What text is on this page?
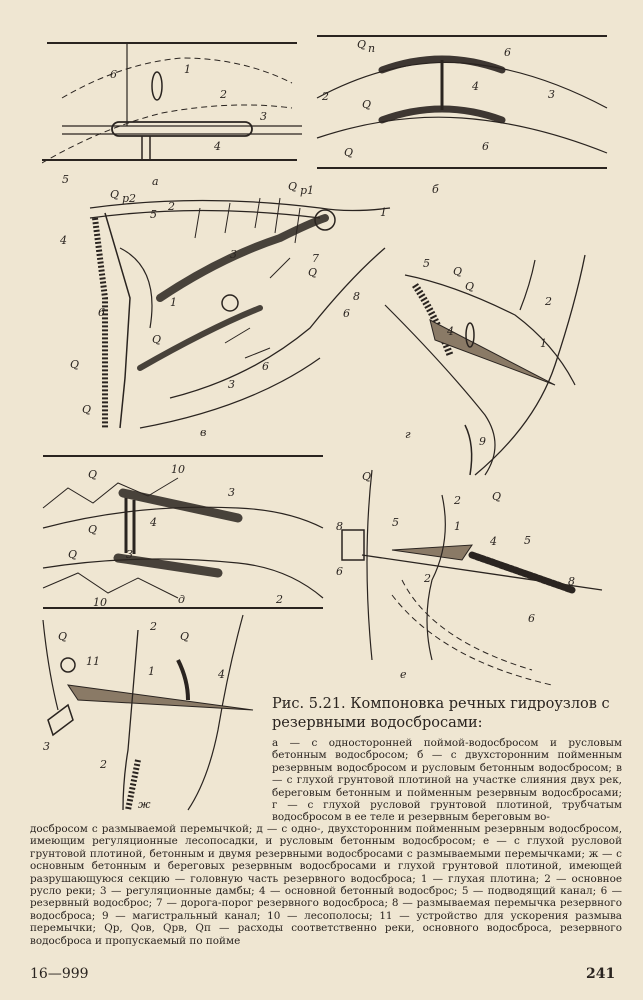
6	1
2
3
4
5	а
Q п	6
2
Q
4
3
Q	6
б
Q р2
Q р1
Q
7
2
3
3
1
1
4
5
6
6
Q
Q
Q
в
5
8
6
Q
Q
4
2
1
9
г
Q
Q
Q
10
3
3
4
2
10	д
Q
Q
8	5
2
1
4 5
2
6
8
6
е
Q	Q
11
1
2
3
2
4
ж
Рис. 5.21. Компоновка речных гидроузлов с резервными водосбросами:
а — с односторонней поймой-водосбросом и русловым бетонным водосбросом; б — с двухсторонним пойменным резервным водосбросом и русловым бетонным водосбросом; в — с глухой грунтовой плотиной на участке слияния двух рек, береговым бетонным и пойменным резервным водосбросами; г — с глухой русловой грунтовой плотиной, трубчатым водосбросом в ее теле и резервным береговым во-
досбросом с размываемой перемычкой; д — с одно-, двухсторонним пойменным резервным водосбросом, имеющим регуляционные лесопосадки, и русловым бетонным водосбросом; е — с глухой русловой грунтовой плотиной, бетонным и двумя резервными водосбросами с размываемыми перемычками; ж — с основным бетонным и береговых резервным водосбросами и глухой грунтовой плотиной, имеющей разрушающуюся секцию — головную часть резервного водосброса; 1 — глухая плотина; 2 — основное русло реки; 3 — регуляционные дамбы; 4 — основной бетонный водосброс; 5 — подводящий канал; 6 — резервный водосброс; 7 — дорога-порог резервного водосброса; 8 — размываемая перемычка резервного водосброса; 9 — магистральный канал; 10 — лесополосы; 11 — устройство для ускорения размыва перемычки; Qр, Qов, Qрв, Qп — расходы соответственно реки, основного водосброса, резервного водосброса и пропускаемый по пойме
16—999	241
